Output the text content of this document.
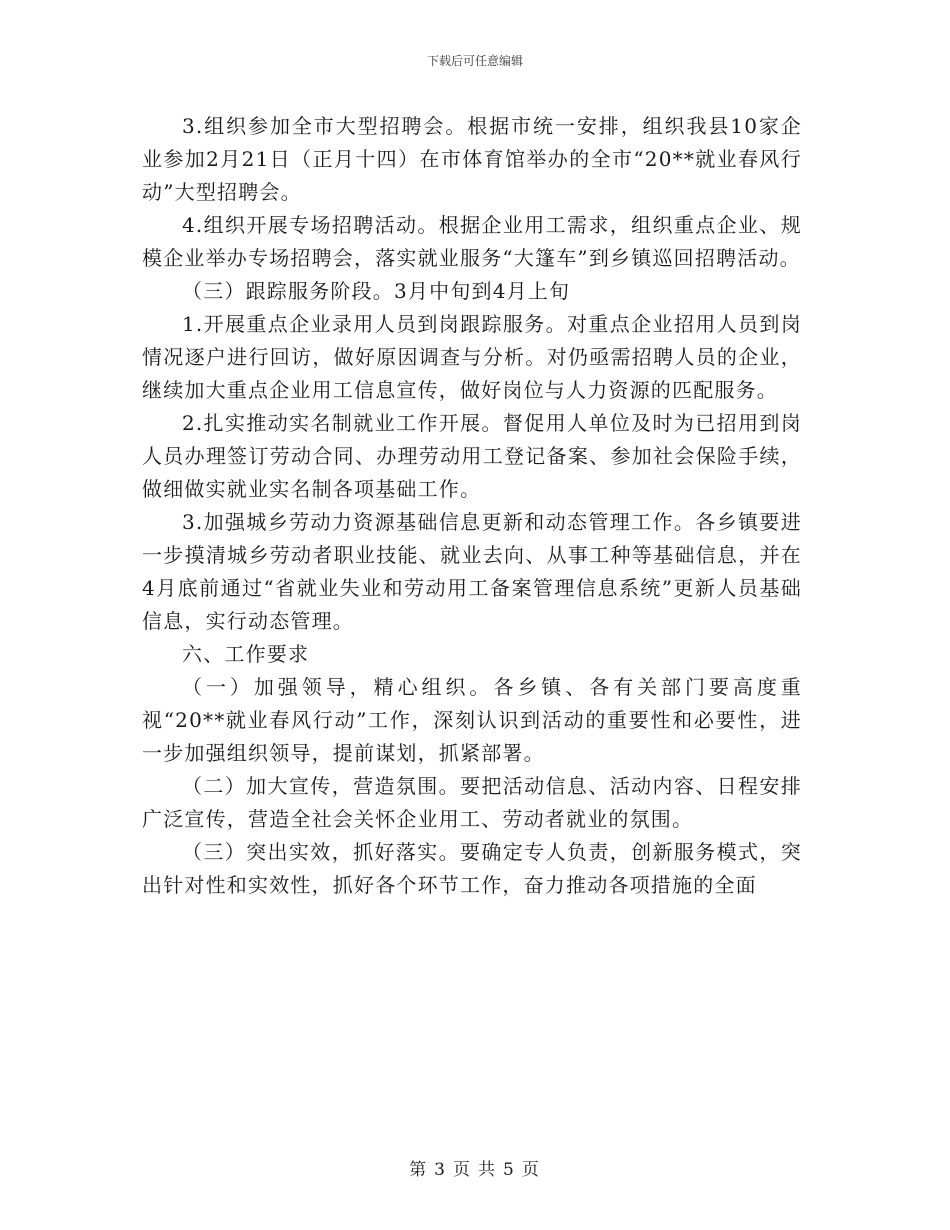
下载后可任意编辑

3.组织参加全市大型招聘会。根据市统一安排，组织我县10家企业参加2月21日（正月十四）在市体育馆举办的全市“20**就业春风行动”大型招聘会。

4.组织开展专场招聘活动。根据企业用工需求，组织重点企业、规模企业举办专场招聘会，落实就业服务“大篷车”到乡镇巡回招聘活动。

（三）跟踪服务阶段。3月中旬到4月上旬

1.开展重点企业录用人员到岗跟踪服务。对重点企业招用人员到岗情况逐户进行回访，做好原因调查与分析。对仍亟需招聘人员的企业，继续加大重点企业用工信息宣传，做好岗位与人力资源的匹配服务。

2.扎实推动实名制就业工作开展。督促用人单位及时为已招用到岗人员办理签订劳动合同、办理劳动用工登记备案、参加社会保险手续，做细做实就业实名制各项基础工作。

3.加强城乡劳动力资源基础信息更新和动态管理工作。各乡镇要进一步摸清城乡劳动者职业技能、就业去向、从事工种等基础信息，并在4月底前通过“省就业失业和劳动用工备案管理信息系统”更新人员基础信息，实行动态管理。

六、工作要求

（一）加强领导，精心组织。各乡镇、各有关部门要高度重视“20**就业春风行动”工作，深刻认识到活动的重要性和必要性，进一步加强组织领导，提前谋划，抓紧部署。

（二）加大宣传，营造氛围。要把活动信息、活动内容、日程安排广泛宣传，营造全社会关怀企业用工、劳动者就业的氛围。

（三）突出实效，抓好落实。要确定专人负责，创新服务模式，突出针对性和实效性，抓好各个环节工作，奋力推动各项措施的全面

第 3 页 共 5 页
